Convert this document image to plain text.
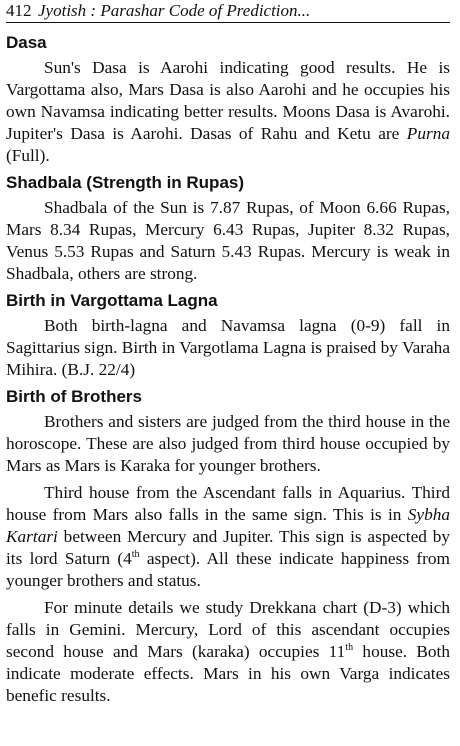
412 Jyotish : Parashar Code of Prediction...
Dasa

Sun's Dasa is Aarohi indicating good results. He is Vargottama also, Mars Dasa is also Aarohi and he occupies his own Navamsa indicating better results. Moons Dasa is Avarohi. Jupiter's Dasa is Aarohi. Dasas of Rahu and Ketu are Purna (Full).

Shadbala (Strength in Rupas)

Shadbala of the Sun is 7.87 Rupas, of Moon 6.66 Rupas, Mars 8.34 Rupas, Mercury 6.43 Rupas, Jupiter 8.32 Rupas, Venus 5.53 Rupas and Saturn 5.43 Rupas. Mercury is weak in Shadbala, others are strong.

Birth in Vargottama Lagna

Both birth-lagna and Navamsa lagna (0-9) fall in Sagittarius sign. Birth in Vargotlama Lagna is praised by Varaha Mihira. (B.J. 22/4)

Birth of Brothers

Brothers and sisters are judged from the third house in the horoscope. These are also judged from third house occupied by Mars as Mars is Karaka for younger brothers.

Third house from the Ascendant falls in Aquarius. Third house from Mars also falls in the same sign. This is in Sybha Kartari between Mercury and Jupiter. This sign is aspected by its lord Saturn (4th aspect). All these indicate happiness from younger brothers and status.

For minute details we study Drekkana chart (D-3) which falls in Gemini. Mercury, Lord of this ascendant occupies second house and Mars (karaka) occupies 11th house. Both indicate moderate effects. Mars in his own Varga indicates benefic results.
